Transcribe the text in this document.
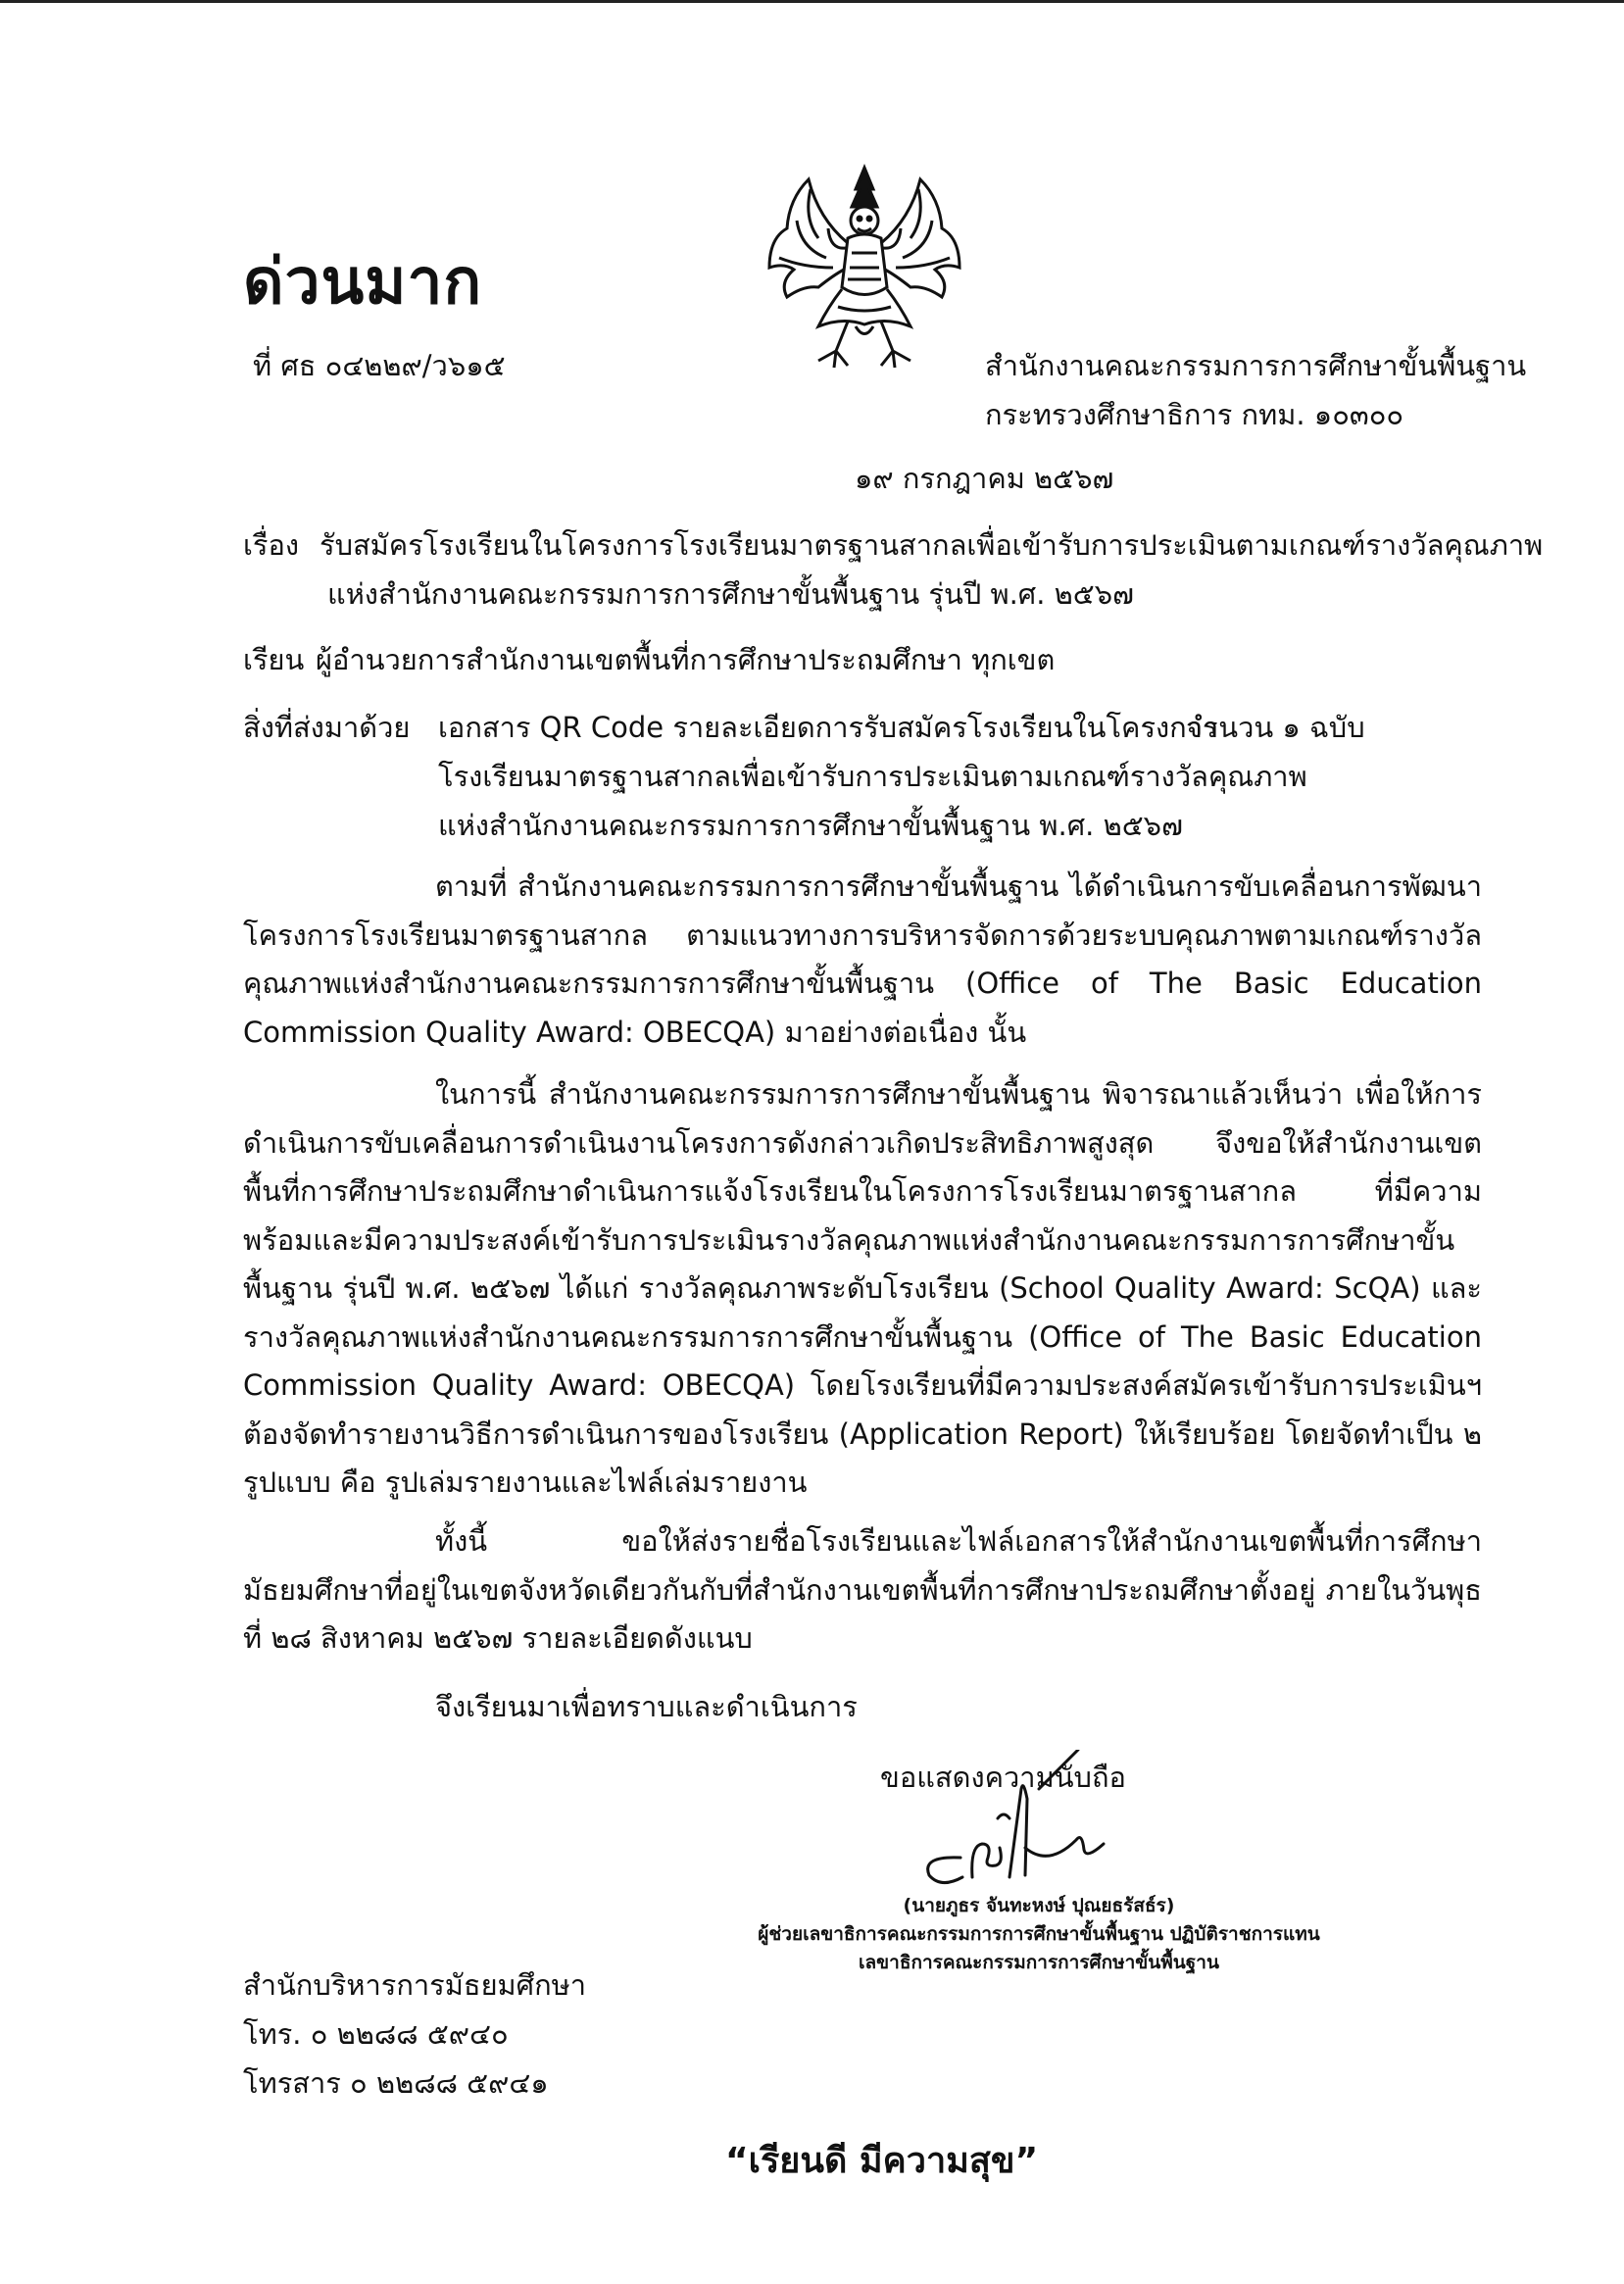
ด่วนมาก
ที่ ศธ ๐๔๒๒๙/ว๖๑๕	สำนักงานคณะกรรมการการศึกษาขั้นพื้นฐาน
กระทรวงศึกษาธิการ กทม. ๑๐๓๐๐
๑๙ กรกฎาคม ๒๕๖๗
เรื่อง รับสมัครโรงเรียนในโครงการโรงเรียนมาตรฐานสากลเพื่อเข้ารับการประเมินตามเกณฑ์รางวัลคุณภาพ
แห่งสำนักงานคณะกรรมการการศึกษาขั้นพื้นฐาน รุ่นปี พ.ศ. ๒๕๖๗
เรียน ผู้อำนวยการสำนักงานเขตพื้นที่การศึกษาประถมศึกษา ทุกเขต
สิ่งที่ส่งมาด้วย เอกสาร QR Code รายละเอียดการรับสมัครโรงเรียนในโครงการ
จำนวน ๑ ฉบับ
โรงเรียนมาตรฐานสากลเพื่อเข้ารับการประเมินตามเกณฑ์รางวัลคุณภาพ
แห่งสำนักงานคณะกรรมการการศึกษาขั้นพื้นฐาน พ.ศ. ๒๕๖๗
ตามที่ สำนักงานคณะกรรมการการศึกษาขั้นพื้นฐาน ได้ดำเนินการขับเคลื่อนการพัฒนาโครงการโรงเรียนมาตรฐานสากล ตามแนวทางการบริหารจัดการด้วยระบบคุณภาพตามเกณฑ์รางวัลคุณภาพแห่งสำนักงานคณะกรรมการการศึกษาขั้นพื้นฐาน (Office of The Basic Education Commission Quality Award: OBECQA) มาอย่างต่อเนื่อง นั้น
ในการนี้ สำนักงานคณะกรรมการการศึกษาขั้นพื้นฐาน พิจารณาแล้วเห็นว่า เพื่อให้การดำเนินการขับเคลื่อนการดำเนินงานโครงการดังกล่าวเกิดประสิทธิภาพสูงสุด จึงขอให้สำนักงานเขตพื้นที่การศึกษาประถมศึกษาดำเนินการแจ้งโรงเรียนในโครงการโรงเรียนมาตรฐานสากล ที่มีความพร้อมและมีความประสงค์เข้ารับการประเมินรางวัลคุณภาพแห่งสำนักงานคณะกรรมการการศึกษาขั้นพื้นฐาน รุ่นปี พ.ศ. ๒๕๖๗ ได้แก่ รางวัลคุณภาพระดับโรงเรียน (School Quality Award: ScQA) และรางวัลคุณภาพแห่งสำนักงานคณะกรรมการการศึกษาขั้นพื้นฐาน (Office of The Basic Education Commission Quality Award: OBECQA) โดยโรงเรียนที่มีความประสงค์สมัครเข้ารับการประเมินฯ ต้องจัดทำรายงานวิธีการดำเนินการของโรงเรียน (Application Report) ให้เรียบร้อย โดยจัดทำเป็น ๒ รูปแบบ คือ รูปเล่มรายงานและไฟล์เล่มรายงาน
ทั้งนี้ ขอให้ส่งรายชื่อโรงเรียนและไฟล์เอกสารให้สำนักงานเขตพื้นที่การศึกษามัธยมศึกษาที่อยู่ในเขตจังหวัดเดียวกันกับที่สำนักงานเขตพื้นที่การศึกษาประถมศึกษาตั้งอยู่ ภายในวันพุธที่ ๒๘ สิงหาคม ๒๕๖๗ รายละเอียดดังแนบ
จึงเรียนมาเพื่อทราบและดำเนินการ
ขอแสดงความนับถือ
(นายภูธร จันทะหงษ์ ปุณยธรัสธ์ร)
ผู้ช่วยเลขาธิการคณะกรรมการการศึกษาขั้นพื้นฐาน ปฏิบัติราชการแทน
เลขาธิการคณะกรรมการการศึกษาขั้นพื้นฐาน
สำนักบริหารการมัธยมศึกษา
โทร. ๐ ๒๒๘๘ ๕๙๔๐
โทรสาร ๐ ๒๒๘๘ ๕๙๔๑
“เรียนดี มีความสุข”
